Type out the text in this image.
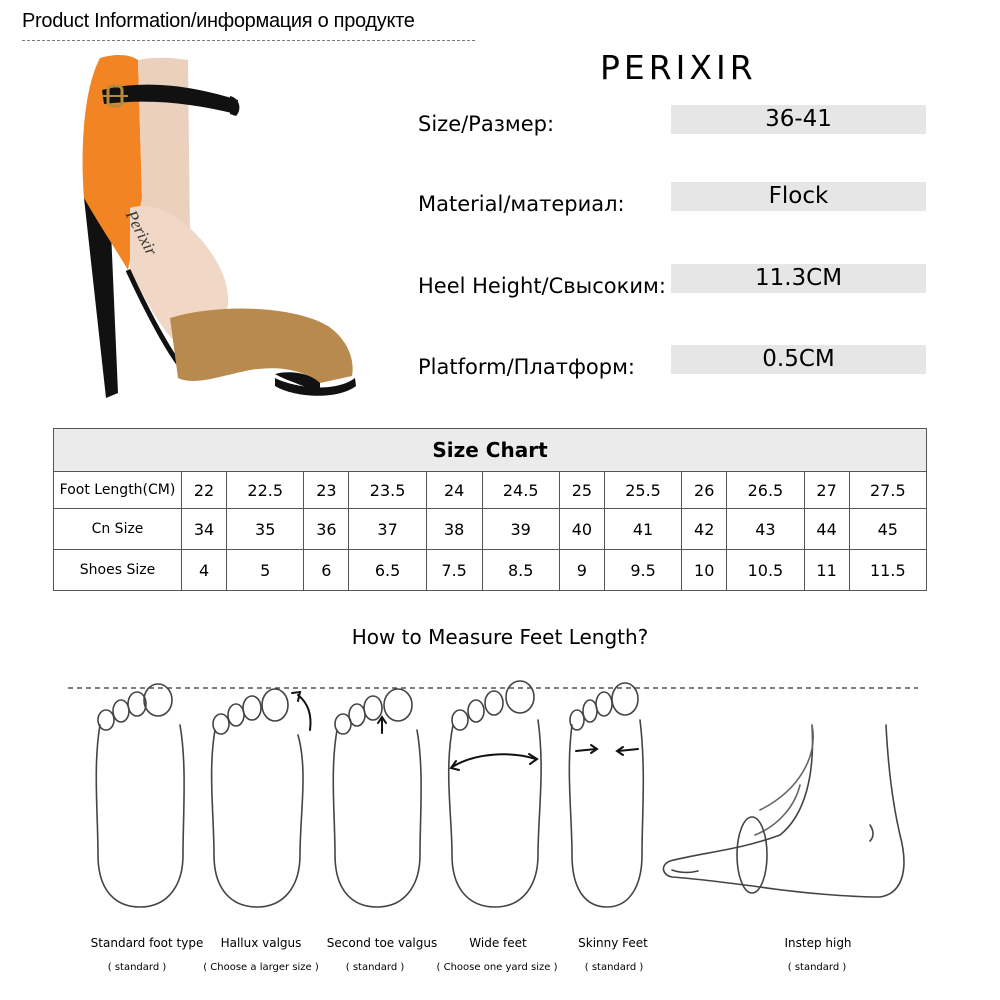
Product Information/информация о продукте
Perixir
PERIXIR
Size/Размер:	36-41
Material/материал:	Flock
Heel Height/Свысоким:	11.3CM
Platform/Платформ:	0.5CM
Size Chart												
Foot Length(CM)	22	22.5	23	23.5	24	24.5	25	25.5	26	26.5	27	27.5
Cn Size	34	35	36	37	38	39	40	41	42	43	44	45
Shoes Size	4	5	6	6.5	7.5	8.5	9	9.5	10	10.5	11	11.5
How to Measure Feet Length?
Standard foot type
( standard )
Hallux valgus
( Choose a larger size )
Second toe valgus
( standard )
Wide feet
( Choose one yard size )
Skinny Feet
( standard )
Instep high
( standard )
